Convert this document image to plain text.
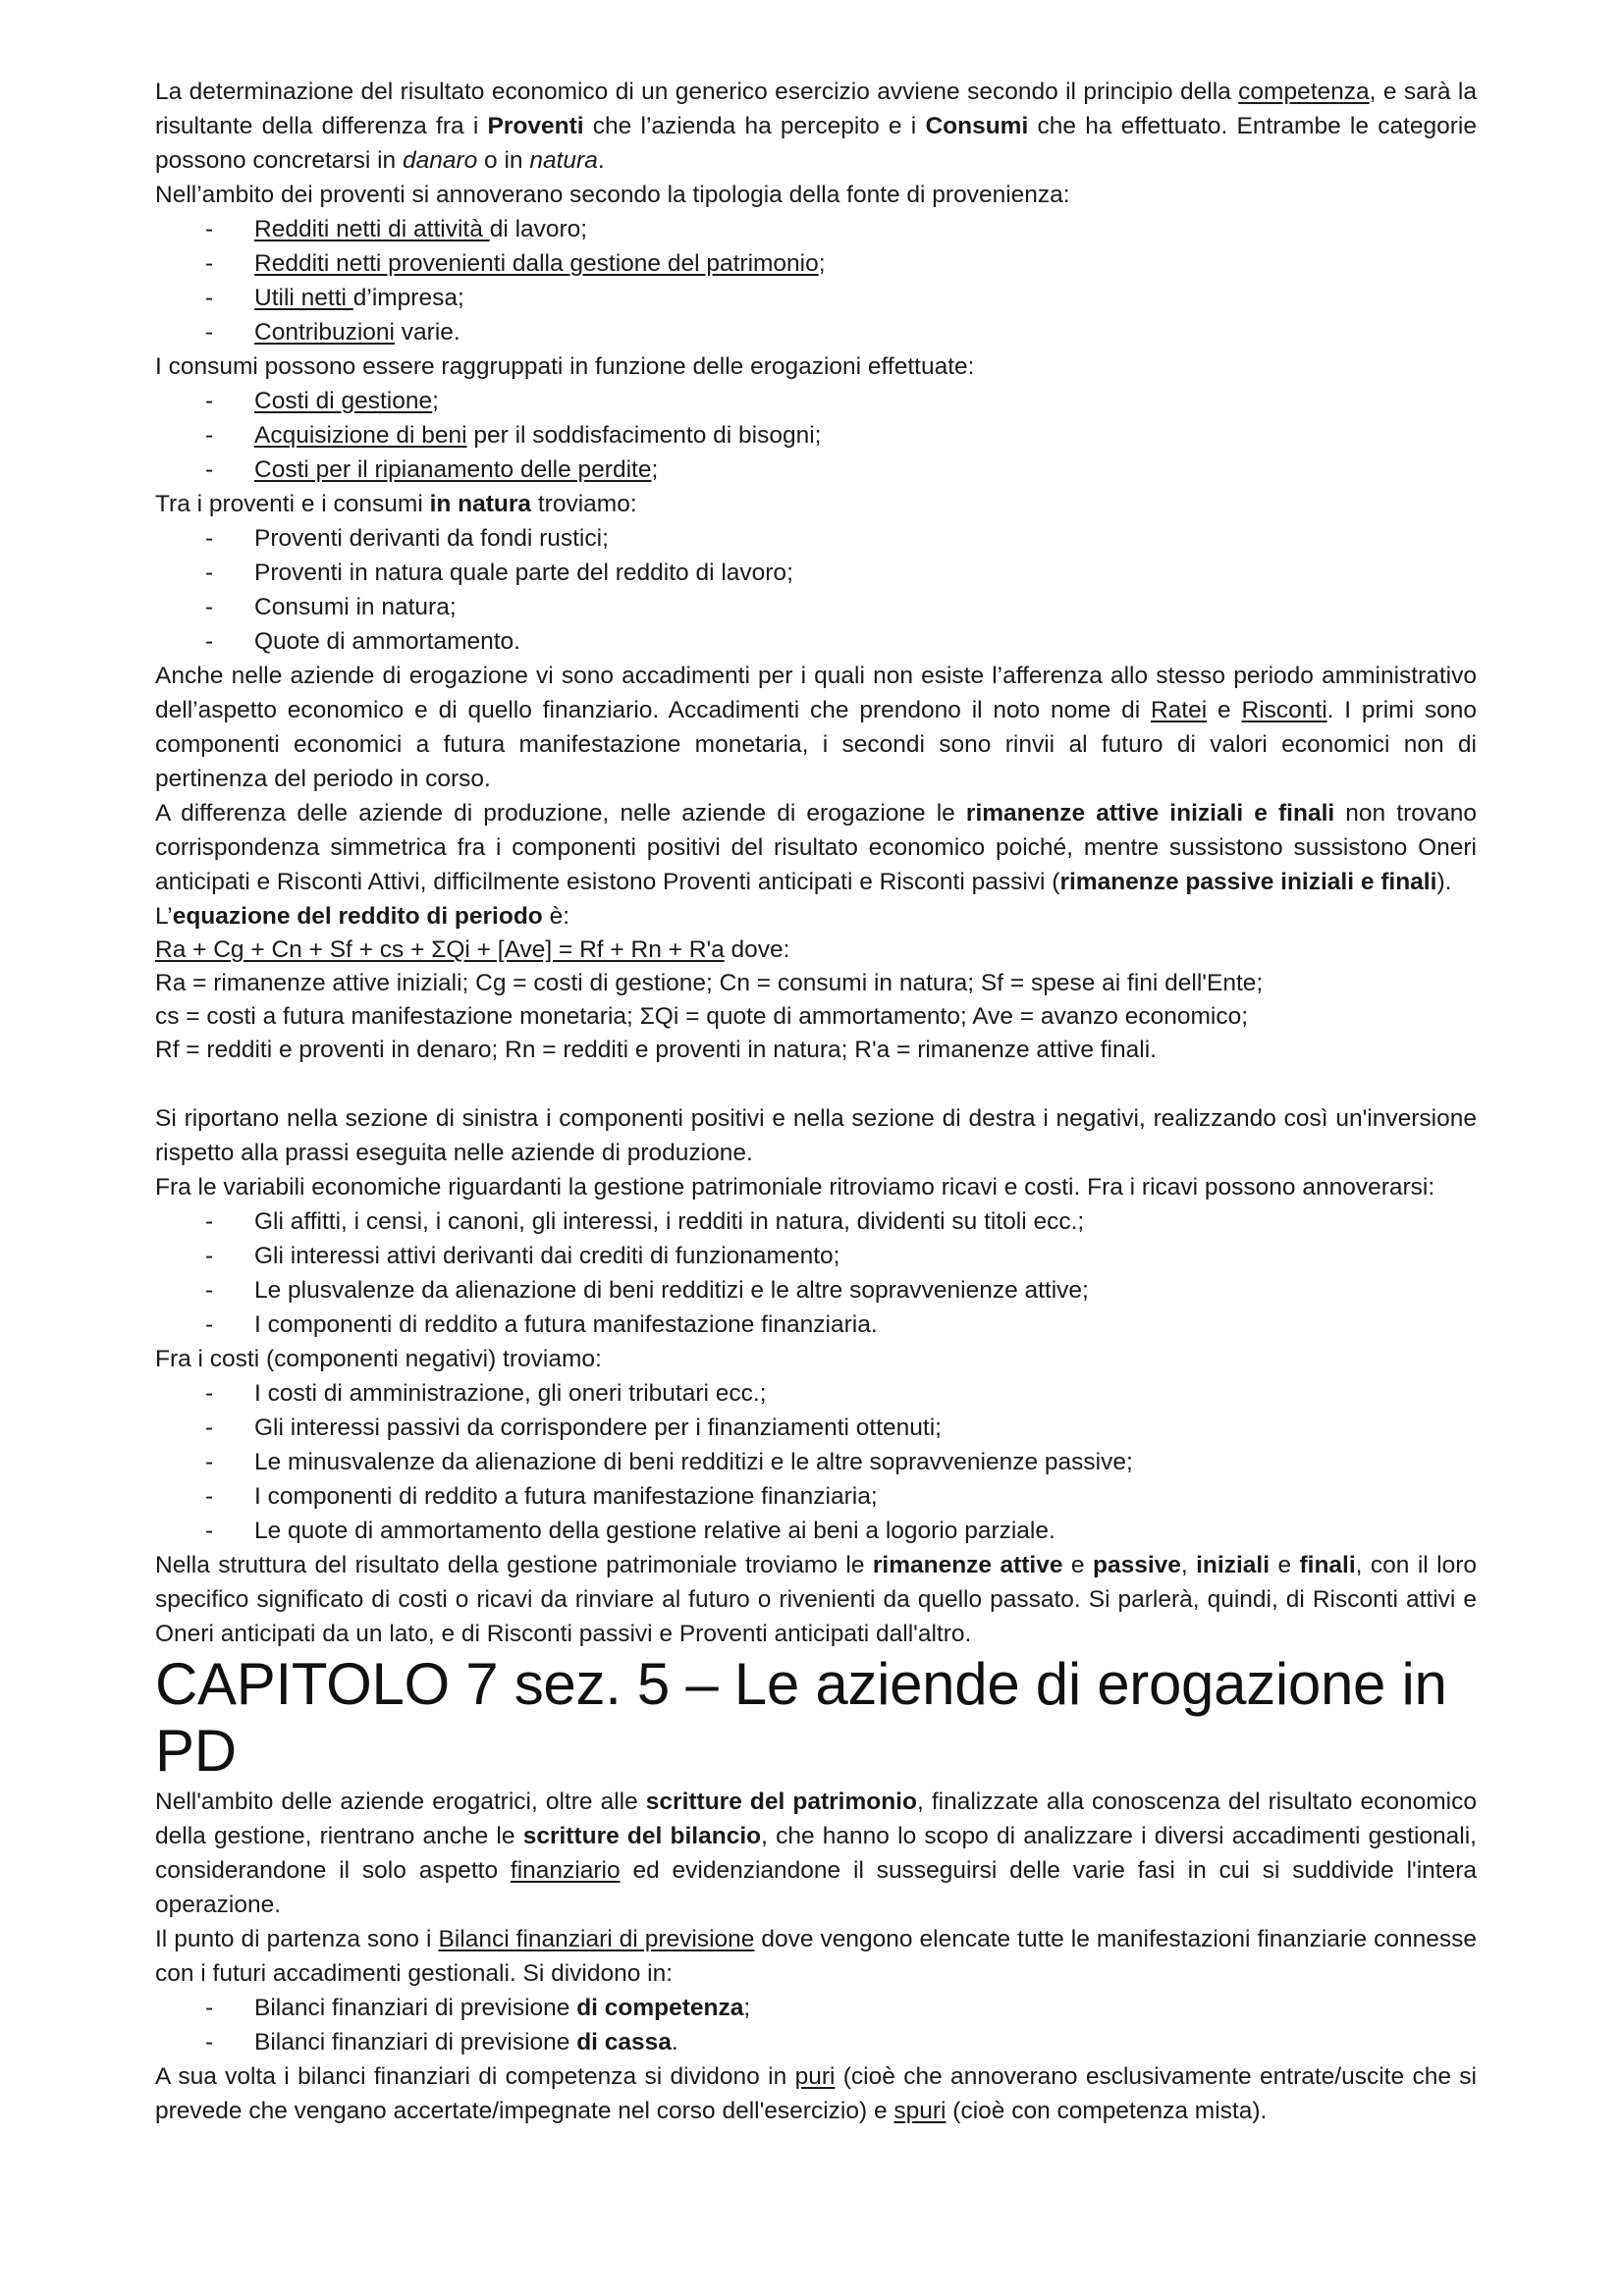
La determinazione del risultato economico di un generico esercizio avviene secondo il principio della competenza, e sarà la risultante della differenza fra i Proventi che l’azienda ha percepito e i Consumi che ha effettuato. Entrambe le categorie possono concretarsi in danaro o in natura.

Nell’ambito dei proventi si annoverano secondo la tipologia della fonte di provenienza:

- Redditi netti di attività di lavoro;
- Redditi netti provenienti dalla gestione del patrimonio;
- Utili netti d’impresa;
- Contribuzioni varie.

I consumi possono essere raggruppati in funzione delle erogazioni effettuate:

- Costi di gestione;
- Acquisizione di beni per il soddisfacimento di bisogni;
- Costi per il ripianamento delle perdite;

Tra i proventi e i consumi in natura troviamo:

- Proventi derivanti da fondi rustici;
- Proventi in natura quale parte del reddito di lavoro;
- Consumi in natura;
- Quote di ammortamento.

Anche nelle aziende di erogazione vi sono accadimenti per i quali non esiste l’afferenza allo stesso periodo amministrativo dell’aspetto economico e di quello finanziario. Accadimenti che prendono il noto nome di Ratei e Risconti. I primi sono componenti economici a futura manifestazione monetaria, i secondi sono rinvii al futuro di valori economici non di pertinenza del periodo in corso.

A differenza delle aziende di produzione, nelle aziende di erogazione le rimanenze attive iniziali e finali non trovano corrispondenza simmetrica fra i componenti positivi del risultato economico poiché, mentre sussistono sussistono Oneri anticipati e Risconti Attivi, difficilmente esistono Proventi anticipati e Risconti passivi (rimanenze passive iniziali e finali).

L’equazione del reddito di periodo è:

Ra + Cg + Cn + Sf + cs + ΣQi + [Ave] = Rf + Rn + R'a dove:
Ra = rimanenze attive iniziali; Cg = costi di gestione; Cn = consumi in natura; Sf = spese ai fini dell'Ente;
cs = costi a futura manifestazione monetaria; ΣQi = quote di ammortamento; Ave = avanzo economico;
Rf = redditi e proventi in denaro; Rn = redditi e proventi in natura; R'a = rimanenze attive finali.

Si riportano nella sezione di sinistra i componenti positivi e nella sezione di destra i negativi, realizzando così un'inversione rispetto alla prassi eseguita nelle aziende di produzione.

Fra le variabili economiche riguardanti la gestione patrimoniale ritroviamo ricavi e costi. Fra i ricavi possono annoverarsi:

- Gli affitti, i censi, i canoni, gli interessi, i redditi in natura, dividenti su titoli ecc.;
- Gli interessi attivi derivanti dai crediti di funzionamento;
- Le plusvalenze da alienazione di beni redditizi e le altre sopravvenienze attive;
- I componenti di reddito a futura manifestazione finanziaria.

Fra i costi (componenti negativi) troviamo:

- I costi di amministrazione, gli oneri tributari ecc.;
- Gli interessi passivi da corrispondere per i finanziamenti ottenuti;
- Le minusvalenze da alienazione di beni redditizi e le altre sopravvenienze passive;
- I componenti di reddito a futura manifestazione finanziaria;
- Le quote di ammortamento della gestione relative ai beni a logorio parziale.

Nella struttura del risultato della gestione patrimoniale troviamo le rimanenze attive e passive, iniziali e finali, con il loro specifico significato di costi o ricavi da rinviare al futuro o rivenienti da quello passato. Si parlerà, quindi, di Risconti attivi e Oneri anticipati da un lato, e di Risconti passivi e Proventi anticipati dall'altro.

CAPITOLO 7 sez. 5 – Le aziende di erogazione in PD

Nell'ambito delle aziende erogatrici, oltre alle scritture del patrimonio, finalizzate alla conoscenza del risultato economico della gestione, rientrano anche le scritture del bilancio, che hanno lo scopo di analizzare i diversi accadimenti gestionali, considerandone il solo aspetto finanziario ed evidenziandone il susseguirsi delle varie fasi in cui si suddivide l'intera operazione.

Il punto di partenza sono i Bilanci finanziari di previsione dove vengono elencate tutte le manifestazioni finanziarie connesse con i futuri accadimenti gestionali. Si dividono in:

- Bilanci finanziari di previsione di competenza;
- Bilanci finanziari di previsione di cassa.

A sua volta i bilanci finanziari di competenza si dividono in puri (cioè che annoverano esclusivamente entrate/uscite che si prevede che vengano accertate/impegnate nel corso dell'esercizio) e spuri (cioè con competenza mista).
